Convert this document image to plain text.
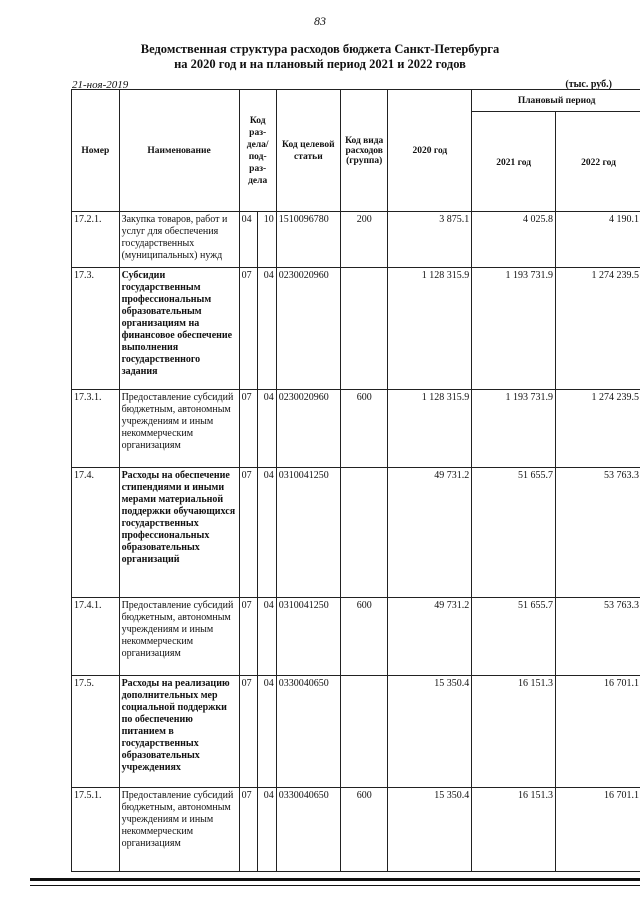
83
Ведомственная структура расходов бюджета Санкт-Петербурга
на 2020 год и на плановый период 2021 и 2022 годов
21-ноя-2019	(тыс. руб.)
Номер	Наименование	Код раз-дела/ под-раз-дела		Код целевой статьи	Код вида расходов (группа)	2020 год	Плановый период	
							2021 год	2022 год
17.2.1.	Закупка товаров, работ и услуг для обеспечения государственных (муниципальных) нужд	04	10	1510096780	200	3 875.1	4 025.8	4 190.1
17.3.	Субсидии государственным профессиональным образовательным организациям на финансовое обеспечение выполнения государственного задания	07	04	0230020960		1 128 315.9	1 193 731.9	1 274 239.5
17.3.1.	Предоставление субсидий бюджетным, автономным учреждениям и иным некоммерческим организациям	07	04	0230020960	600	1 128 315.9	1 193 731.9	1 274 239.5
17.4.	Расходы на обеспечение стипендиями и иными мерами материальной поддержки обучающихся государственных профессиональных образовательных организаций	07	04	0310041250		49 731.2	51 655.7	53 763.3
17.4.1.	Предоставление субсидий бюджетным, автономным учреждениям и иным некоммерческим организациям	07	04	0310041250	600	49 731.2	51 655.7	53 763.3
17.5.	Расходы на реализацию дополнительных мер социальной поддержки по обеспечению питанием в государственных образовательных учреждениях	07	04	0330040650		15 350.4	16 151.3	16 701.1
17.5.1.	Предоставление субсидий бюджетным, автономным учреждениям и иным некоммерческим организациям	07	04	0330040650	600	15 350.4	16 151.3	16 701.1
